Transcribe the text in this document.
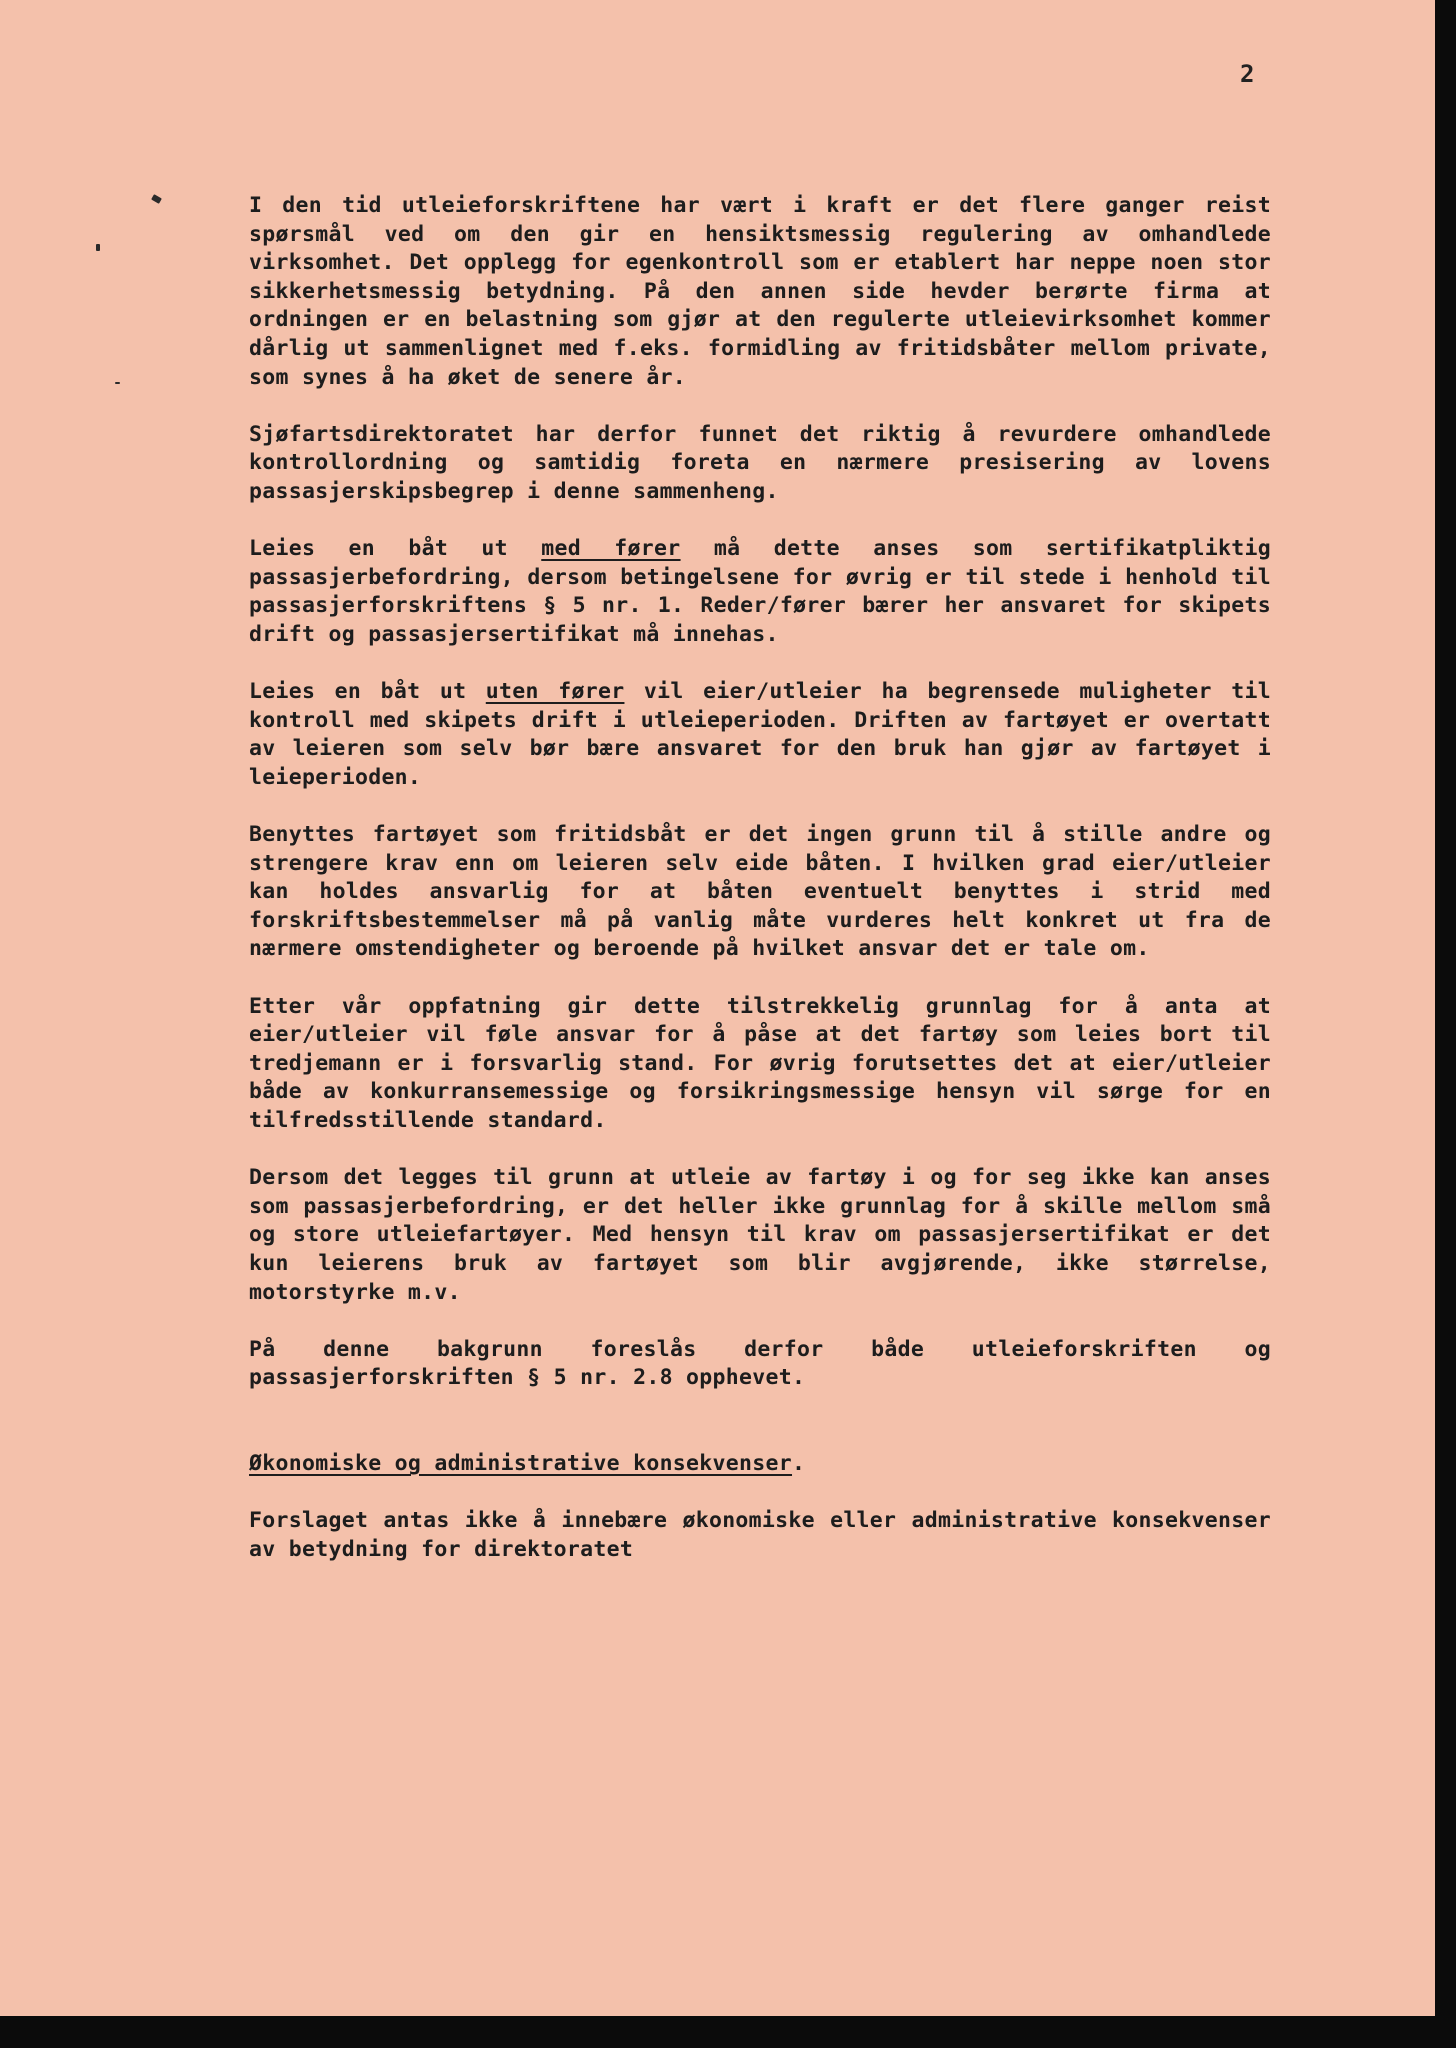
2

I den tid utleieforskriftene har vært i kraft er det flere ganger reist spørsmål ved om den gir en hensiktsmessig regulering av omhandlede virksomhet. Det opplegg for egenkontroll som er etablert har neppe noen stor sikkerhetsmessig betydning. På den annen side hevder berørte firma at ordningen er en belastning som gjør at den regulerte utleievirksomhet kommer dårlig ut sammenlignet med f.eks. formidling av fritidsbåter mellom private, som synes å ha øket de senere år.

Sjøfartsdirektoratet har derfor funnet det riktig å revurdere omhandlede kontrollordning og samtidig foreta en nærmere presisering av lovens passasjerskipsbegrep i denne sammenheng.

Leies en båt ut med fører må dette anses som sertifikatpliktig passasjerbefordring, dersom betingelsene for øvrig er til stede i henhold til passasjerforskriftens § 5 nr. 1. Reder/fører bærer her ansvaret for skipets drift og passasjersertifikat må innehas.

Leies en båt ut uten fører vil eier/utleier ha begrensede muligheter til kontroll med skipets drift i utleieperioden. Driften av fartøyet er overtatt av leieren som selv bør bære ansvaret for den bruk han gjør av fartøyet i leieperioden.

Benyttes fartøyet som fritidsbåt er det ingen grunn til å stille andre og strengere krav enn om leieren selv eide båten. I hvilken grad eier/utleier kan holdes ansvarlig for at båten eventuelt benyttes i strid med forskriftsbestemmelser må på vanlig måte vurderes helt konkret ut fra de nærmere omstendigheter og beroende på hvilket ansvar det er tale om.

Etter vår oppfatning gir dette tilstrekkelig grunnlag for å anta at eier/utleier vil føle ansvar for å påse at det fartøy som leies bort til tredjemann er i forsvarlig stand. For øvrig forutsettes det at eier/utleier både av konkurransemessige og forsikringsmessige hensyn vil sørge for en tilfredsstillende standard.

Dersom det legges til grunn at utleie av fartøy i og for seg ikke kan anses som passasjerbefordring, er det heller ikke grunnlag for å skille mellom små og store utleiefartøyer. Med hensyn til krav om passasjersertifikat er det kun leierens bruk av fartøyet som blir avgjørende, ikke størrelse, motorstyrke m.v.

På denne bakgrunn foreslås derfor både utleieforskriften og passasjerforskriften § 5 nr. 2.8 opphevet.

Økonomiske og administrative konsekvenser.

Forslaget antas ikke å innebære økonomiske eller administrative konsekvenser av betydning for direktoratet
